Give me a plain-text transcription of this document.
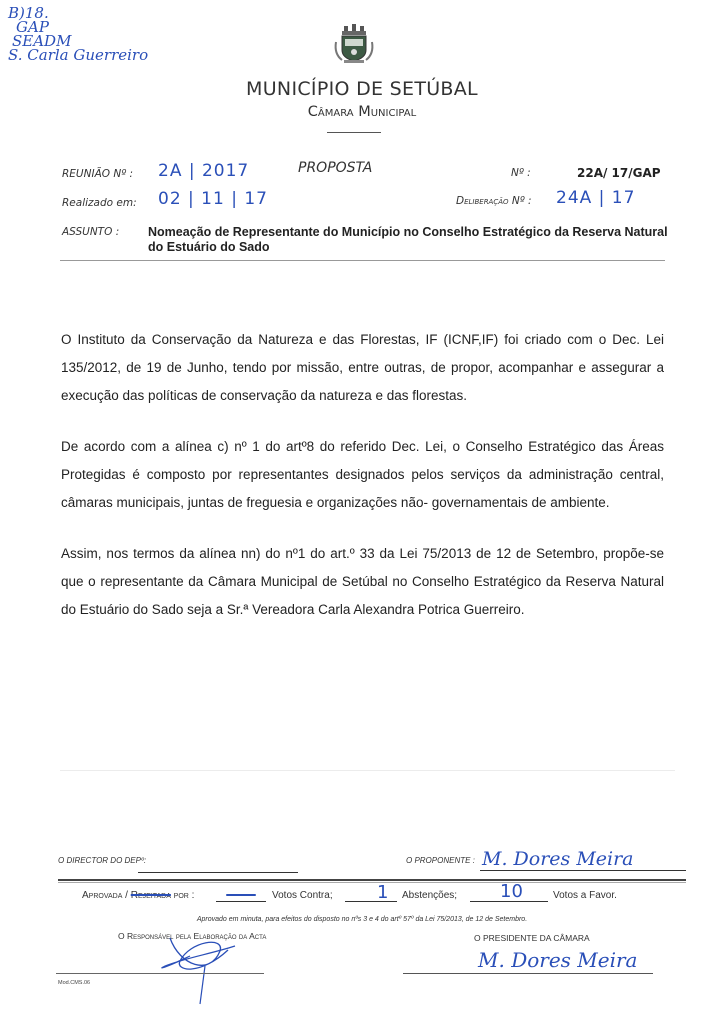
B)18.
GAP
SEADM
S. Carla Guerreiro
MUNICÍPIO DE SETÚBAL
Câmara Municipal
REUNIÃO Nº : 2A | 2017	PROPOSTA	Nº :	22A/ 17/GAP
Realizado em: 02 | 11 | 17	Deliberação Nº : 24A | 17
ASSUNTO : Nomeação de Representante do Município no Conselho Estratégico da Reserva Natural do Estuário do Sado
O Instituto da Conservação da Natureza e das Florestas, IF (ICNF,IF) foi criado com o Dec. Lei 135/2012, de 19 de Junho, tendo por missão, entre outras, de propor, acompanhar e assegurar a execução das políticas de conservação da natureza e das florestas.
De acordo com a alínea c) nº 1 do artº8 do referido Dec. Lei, o Conselho Estratégico das Áreas Protegidas é composto por representantes designados pelos serviços da administração central, câmaras municipais, juntas de freguesia e organizações não- governamentais de ambiente.
Assim, nos termos da alínea nn) do nº1 do art.º 33 da Lei 75/2013 de 12 de Setembro, propõe-se que o representante da Câmara Municipal de Setúbal no Conselho Estratégico da Reserva Natural do Estuário do Sado seja a Sr.ª Vereadora Carla Alexandra Potrica Guerreiro.
O DIRECTOR DO DEPº:	O PROPONENTE : M. Dores Meira
Aprovada / Rejeitada por :	Votos Contra; 1 Abstenções; 10	Votos a Favor.
Aprovado em minuta, para efeitos do disposto no nºs 3 e 4 do artº 57º da Lei 75/2013, de 12 de Setembro.
O Responsável pela Elaboração da Acta	O PRESIDENTE DA CÂMARA
M. Dores Meira
Mod.CMS.06
